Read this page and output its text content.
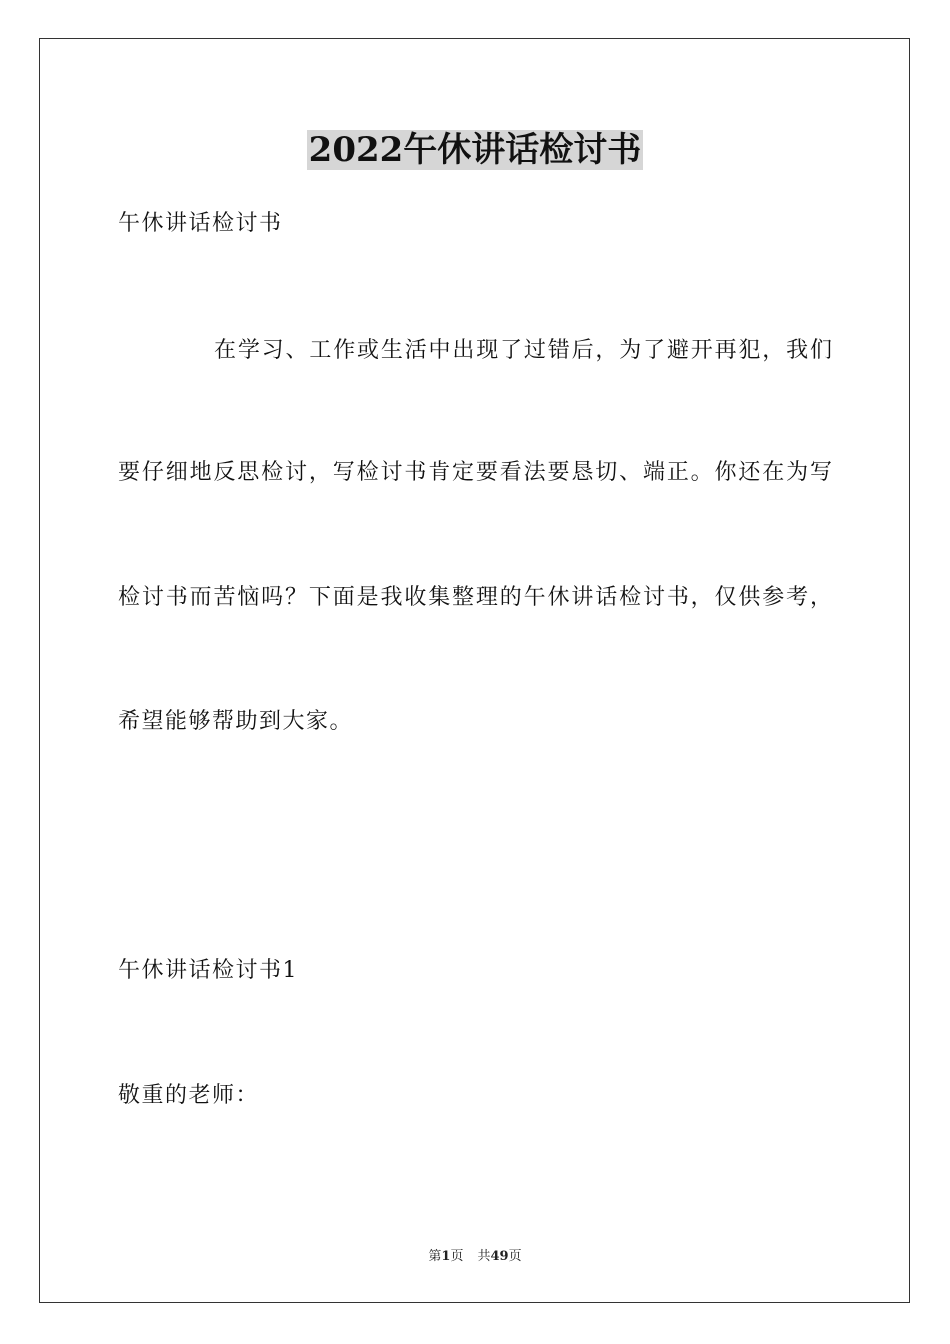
2022午休讲话检讨书
午休讲话检讨书
在学习、工作或生活中出现了过错后，为了避开再犯，我们
要仔细地反思检讨，写检讨书肯定要看法要恳切、端正。你还在为写
检讨书而苦恼吗？下面是我收集整理的午休讲话检讨书，仅供参考，
希望能够帮助到大家。
午休讲话检讨书1
敬重的老师：
第1页 共49页
